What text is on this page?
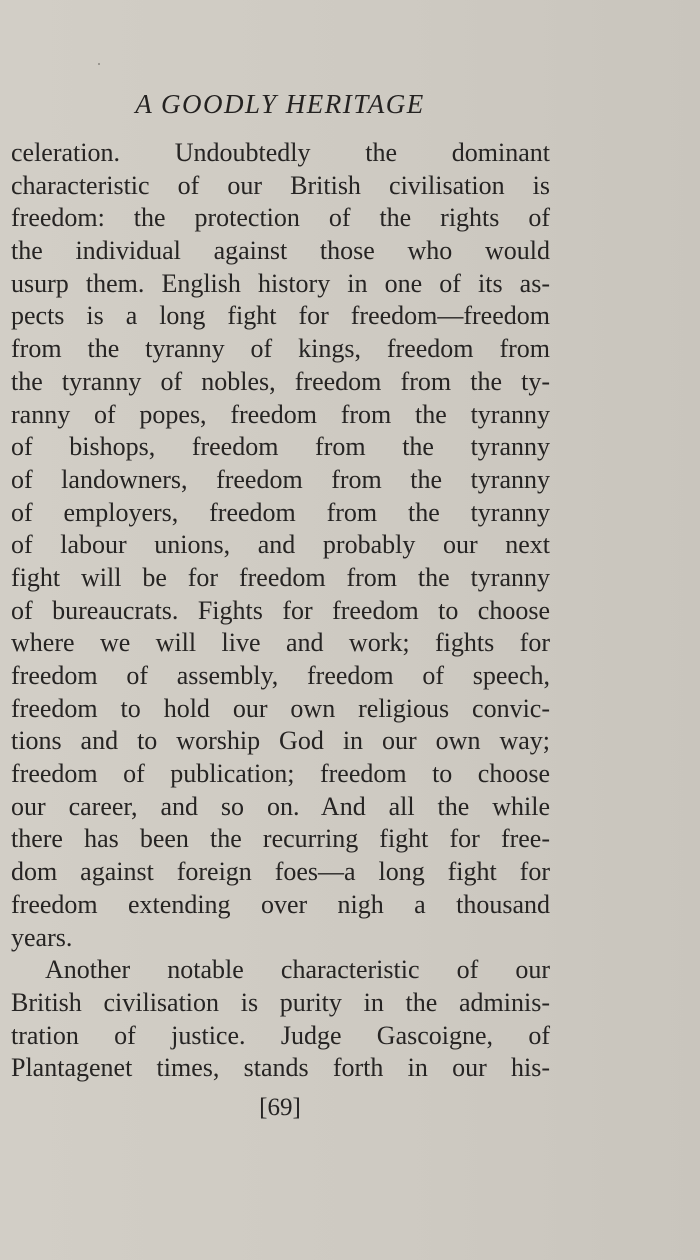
A GOODLY HERITAGE
celeration. Undoubtedly the dominant
characteristic of our British civilisation is
freedom: the protection of the rights of
the individual against those who would
usurp them. English history in one of its as-
pects is a long fight for freedom—freedom
from the tyranny of kings, freedom from
the tyranny of nobles, freedom from the ty-
ranny of popes, freedom from the tyranny
of bishops, freedom from the tyranny
of landowners, freedom from the tyranny
of employers, freedom from the tyranny
of labour unions, and probably our next
fight will be for freedom from the tyranny
of bureaucrats. Fights for freedom to choose
where we will live and work; fights for
freedom of assembly, freedom of speech,
freedom to hold our own religious convic-
tions and to worship God in our own way;
freedom of publication; freedom to choose
our career, and so on. And all the while
there has been the recurring fight for free-
dom against foreign foes—a long fight for
freedom extending over nigh a thousand
years.
Another notable characteristic of our
British civilisation is purity in the adminis-
tration of justice. Judge Gascoigne, of
Plantagenet times, stands forth in our his-
[69]
